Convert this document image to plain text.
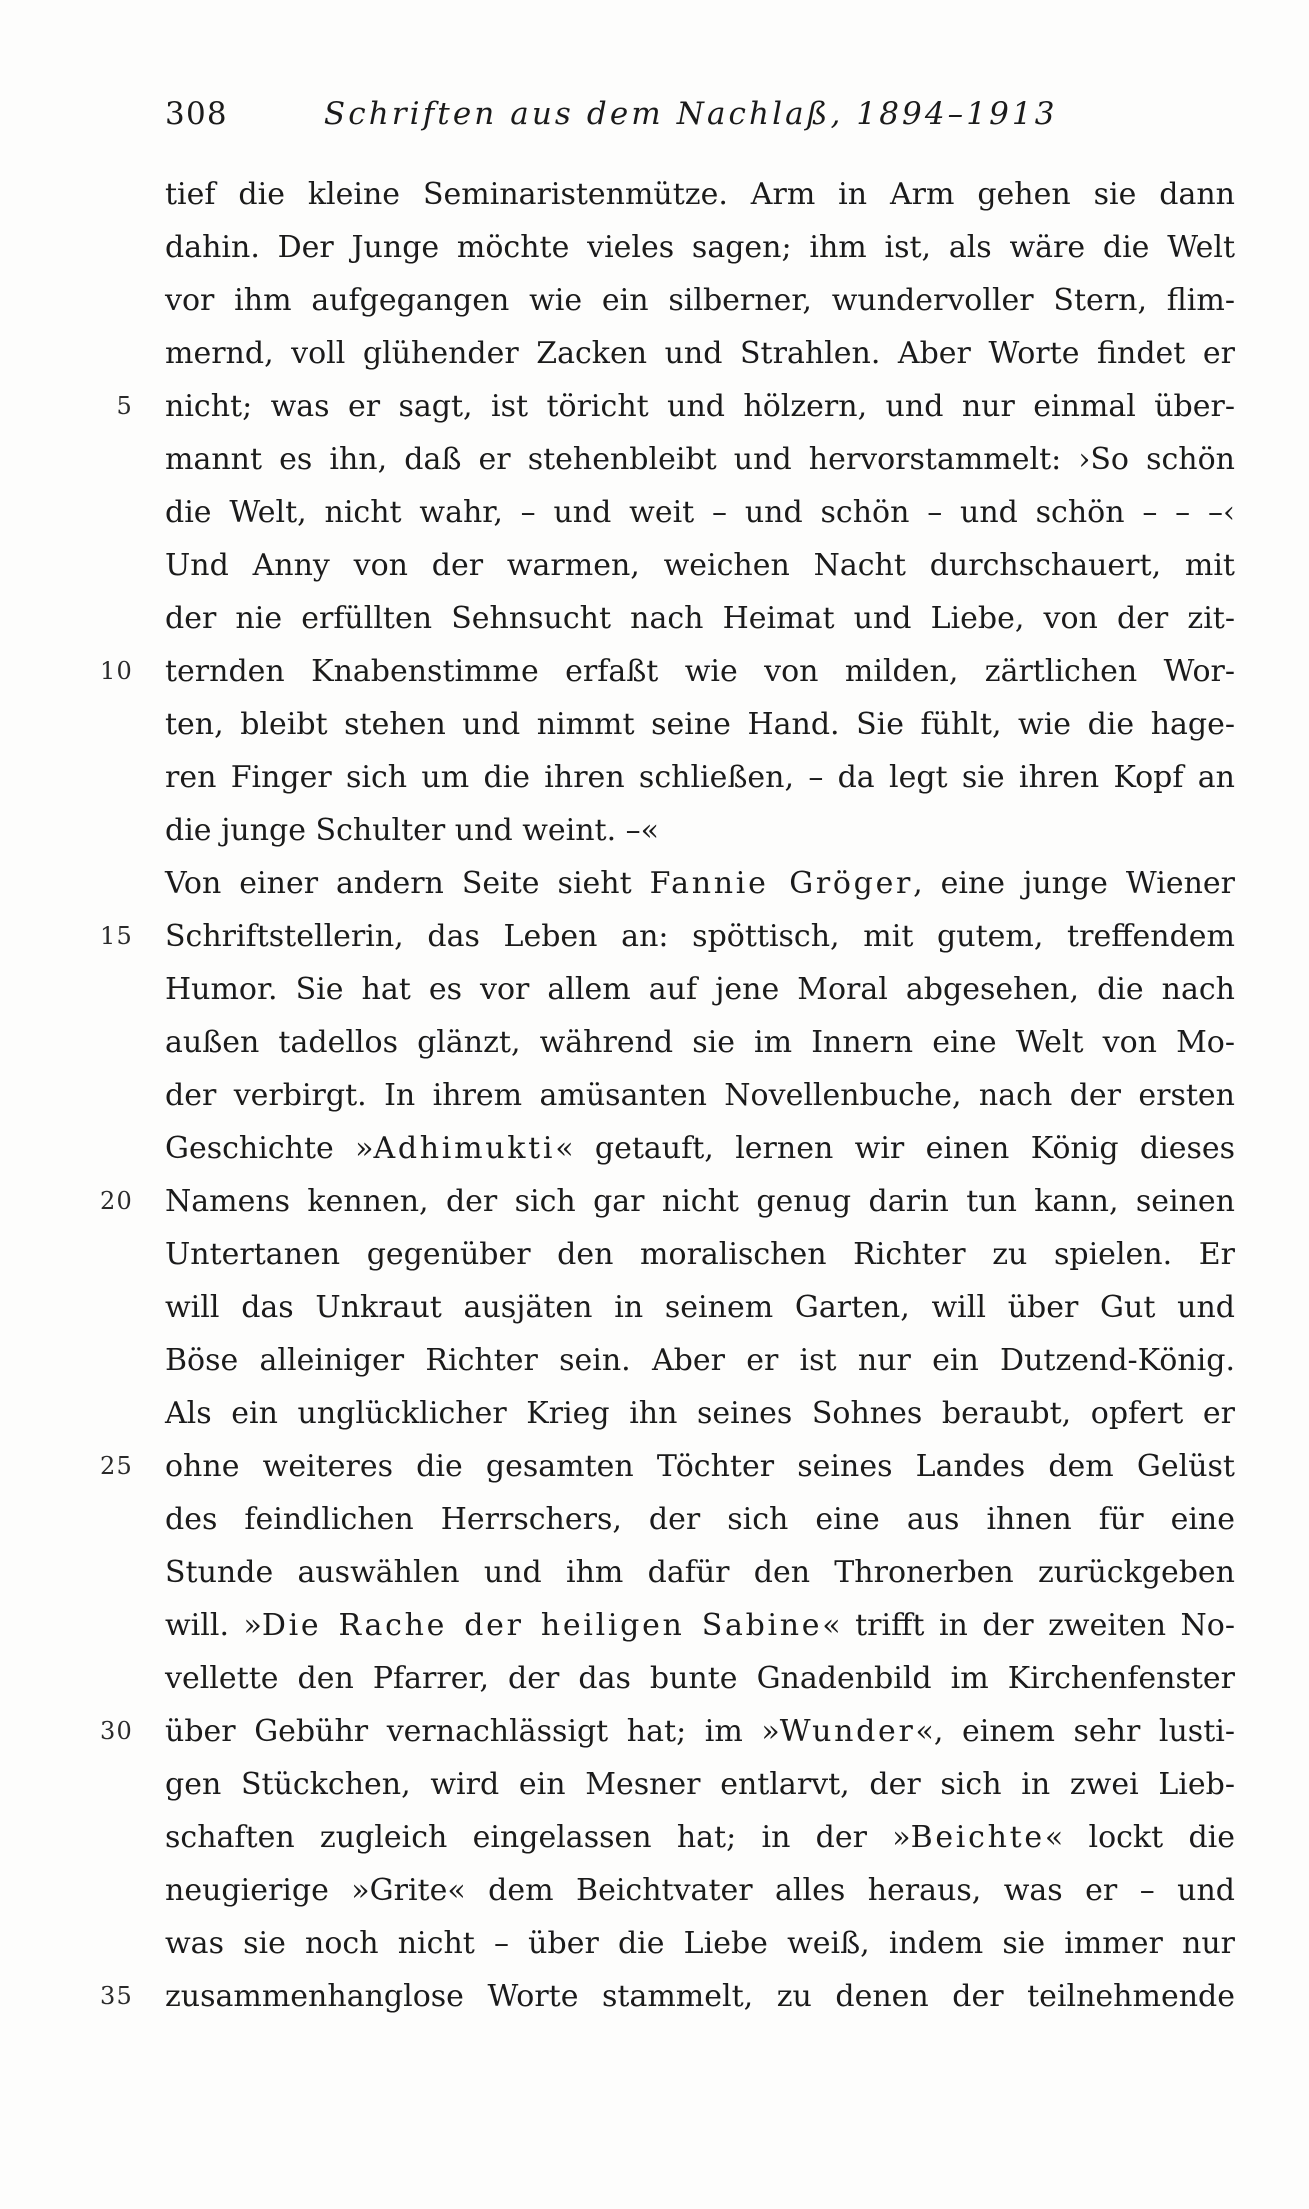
308	Schriften aus dem Nachlaß, 1894–1913
tief die kleine Seminaristenmütze. Arm in Arm gehen sie dann
dahin. Der Junge möchte vieles sagen; ihm ist, als wäre die Welt
vor ihm aufgegangen wie ein silberner, wundervoller Stern, flim-
mernd, voll glühender Zacken und Strahlen. Aber Worte findet er
5	nicht; was er sagt, ist töricht und hölzern, und nur einmal über-
mannt es ihn, daß er stehenbleibt und hervorstammelt: ›So schön
die Welt, nicht wahr, – und weit – und schön – und schön – – –‹
Und Anny von der warmen, weichen Nacht durchschauert, mit
der nie erfüllten Sehnsucht nach Heimat und Liebe, von der zit-
10	ternden Knabenstimme erfaßt wie von milden, zärtlichen Wor-
ten, bleibt stehen und nimmt seine Hand. Sie fühlt, wie die hage-
ren Finger sich um die ihren schließen, – da legt sie ihren Kopf an
die junge Schulter und weint. –«
Von einer andern Seite sieht Fannie Gröger, eine junge Wiener
15	Schriftstellerin, das Leben an: spöttisch, mit gutem, treffendem
Humor. Sie hat es vor allem auf jene Moral abgesehen, die nach
außen tadellos glänzt, während sie im Innern eine Welt von Mo-
der verbirgt. In ihrem amüsanten Novellenbuche, nach der ersten
Geschichte »Adhimukti« getauft, lernen wir einen König dieses
20	Namens kennen, der sich gar nicht genug darin tun kann, seinen
Untertanen gegenüber den moralischen Richter zu spielen. Er
will das Unkraut ausjäten in seinem Garten, will über Gut und
Böse alleiniger Richter sein. Aber er ist nur ein Dutzend-König.
Als ein unglücklicher Krieg ihn seines Sohnes beraubt, opfert er
25	ohne weiteres die gesamten Töchter seines Landes dem Gelüst
des feindlichen Herrschers, der sich eine aus ihnen für eine
Stunde auswählen und ihm dafür den Thronerben zurückgeben
will. »Die Rache der heiligen Sabine« trifft in der zweiten No-
vellette den Pfarrer, der das bunte Gnadenbild im Kirchenfenster
30	über Gebühr vernachlässigt hat; im »Wunder«, einem sehr lusti-
gen Stückchen, wird ein Mesner entlarvt, der sich in zwei Lieb-
schaften zugleich eingelassen hat; in der »Beichte« lockt die
neugierige »Grite« dem Beichtvater alles heraus, was er – und
was sie noch nicht – über die Liebe weiß, indem sie immer nur
35	zusammenhanglose Worte stammelt, zu denen der teilnehmende
